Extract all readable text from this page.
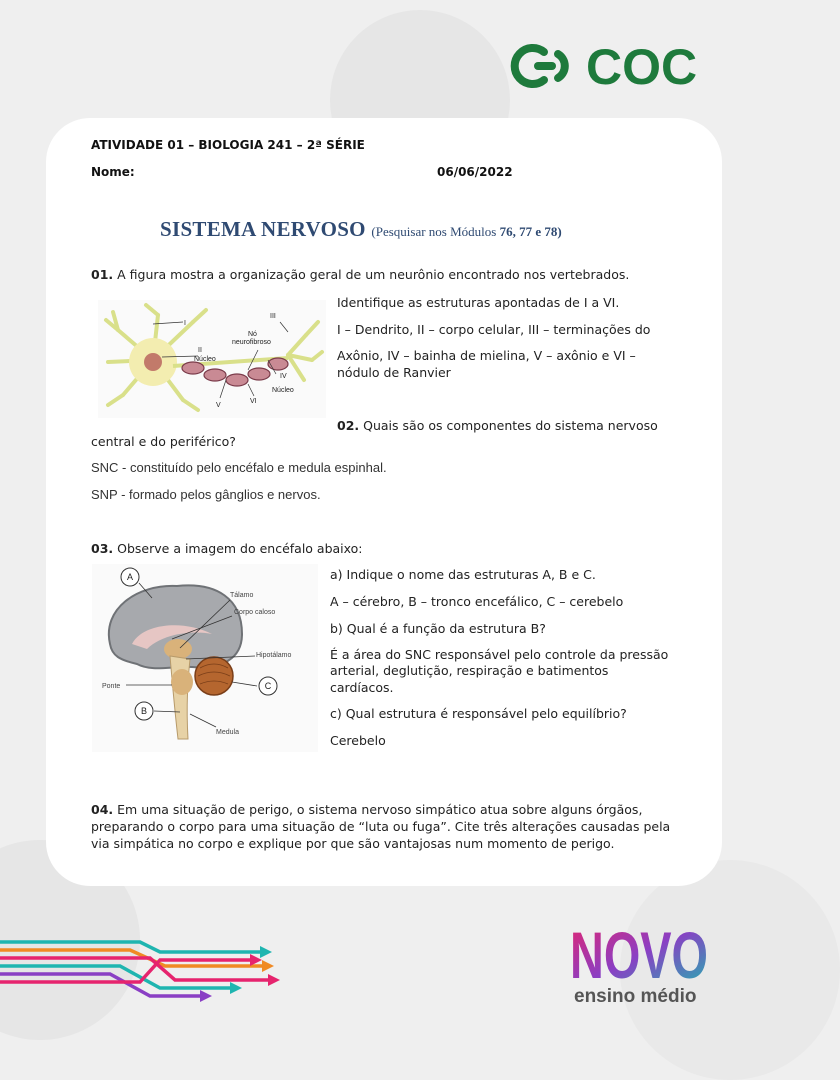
COC
ATIVIDADE 01 – BIOLOGIA 241 – 2ª SÉRIE
Nome:	06/06/2022
SISTEMA NERVOSO (Pesquisar nos Módulos 76, 77 e 78)
01. A figura mostra a organização geral de um neurônio encontrado nos vertebrados.
I
II
Núcleo
Nó
neurofibroso
III
IV
Núcleo
V
VI
Identifique as estruturas apontadas de I a VI.
I – Dendrito, II – corpo celular, III – terminações do
Axônio, IV – bainha de mielina, V – axônio e VI –
nódulo de Ranvier
02. Quais são os componentes do sistema nervoso
central e do periférico?
SNC - constituído pelo encéfalo e medula espinhal.
SNP - formado pelos gânglios e nervos.
03. Observe a imagem do encéfalo abaixo:
A
B
C
Tálamo
Corpo caloso
Hipotálamo
Ponte
Medula
a) Indique o nome das estruturas A, B e C.
A – cérebro, B – tronco encefálico, C – cerebelo
b) Qual é a função da estrutura B?
É a área do SNC responsável pelo controle da pressão
arterial, deglutição, respiração e batimentos
cardíacos.
c) Qual estrutura é responsável pelo equilíbrio?
Cerebelo
04. Em uma situação de perigo, o sistema nervoso simpático atua sobre alguns órgãos,
preparando o corpo para uma situação de “luta ou fuga”. Cite três alterações causadas pela
via simpática no corpo e explique por que são vantajosas num momento de perigo.
NOVO
ensino médio
